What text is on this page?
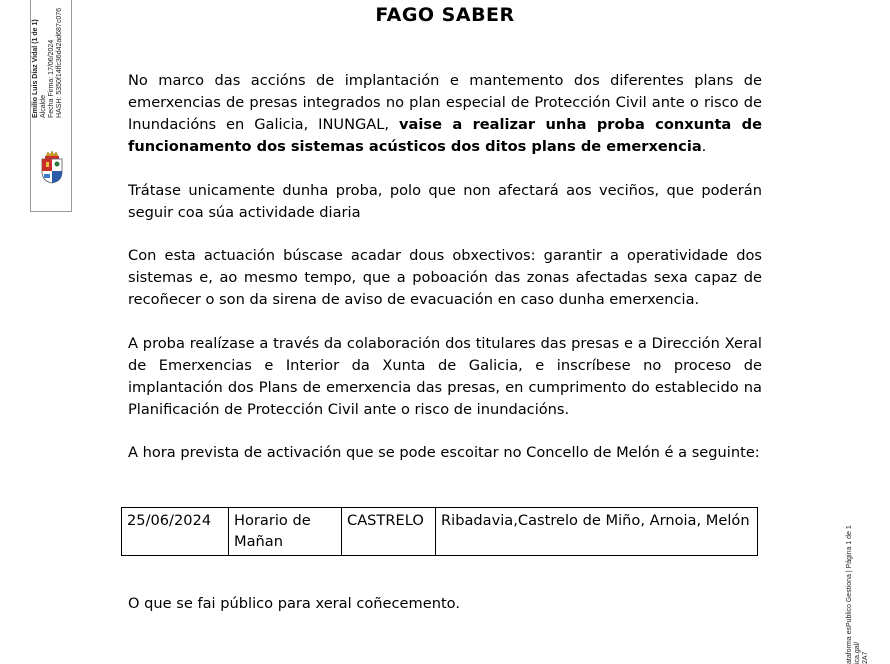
Emilio Luis Díaz Vidal (1 de 1) Alcalde Fecha Firma: 17/06/2024 HASH: 5350f14ffc36d42ad687c076
ataforma esPublico Gestiona | Página 1 de 1 ica.gal/ 2A7
FAGO SABER

No marco das accións de implantación e mantemento dos diferentes plans de emerxencias de presas integrados no plan especial de Protección Civil ante o risco de Inundacións en Galicia, INUNGAL, vaise a realizar unha proba conxunta de funcionamento dos sistemas acústicos dos ditos plans de emerxencia.

Trátase unicamente dunha proba, polo que non afectará aos veciños, que poderán seguir coa súa actividade diaria

Con esta actuación búscase acadar dous obxectivos: garantir a operatividade dos sistemas e, ao mesmo tempo, que a poboación das zonas afectadas sexa capaz de recoñecer o son da sirena de aviso de evacuación en caso dunha emerxencia.

A proba realízase a través da colaboración dos titulares das presas e a Dirección Xeral de Emerxencias e Interior da Xunta de Galicia, e inscríbese no proceso de implantación dos Plans de emerxencia das presas, en cumprimento do establecido na Planificación de Protección Civil ante o risco de inundacións.

A hora prevista de activación que se pode escoitar no Concello de Melón é a seguinte:

25/06/2024	Horario de Mañan	CASTRELO	Ribadavia,Castrelo de Miño, Arnoia, Melón

O que se fai público para xeral coñecemento.
